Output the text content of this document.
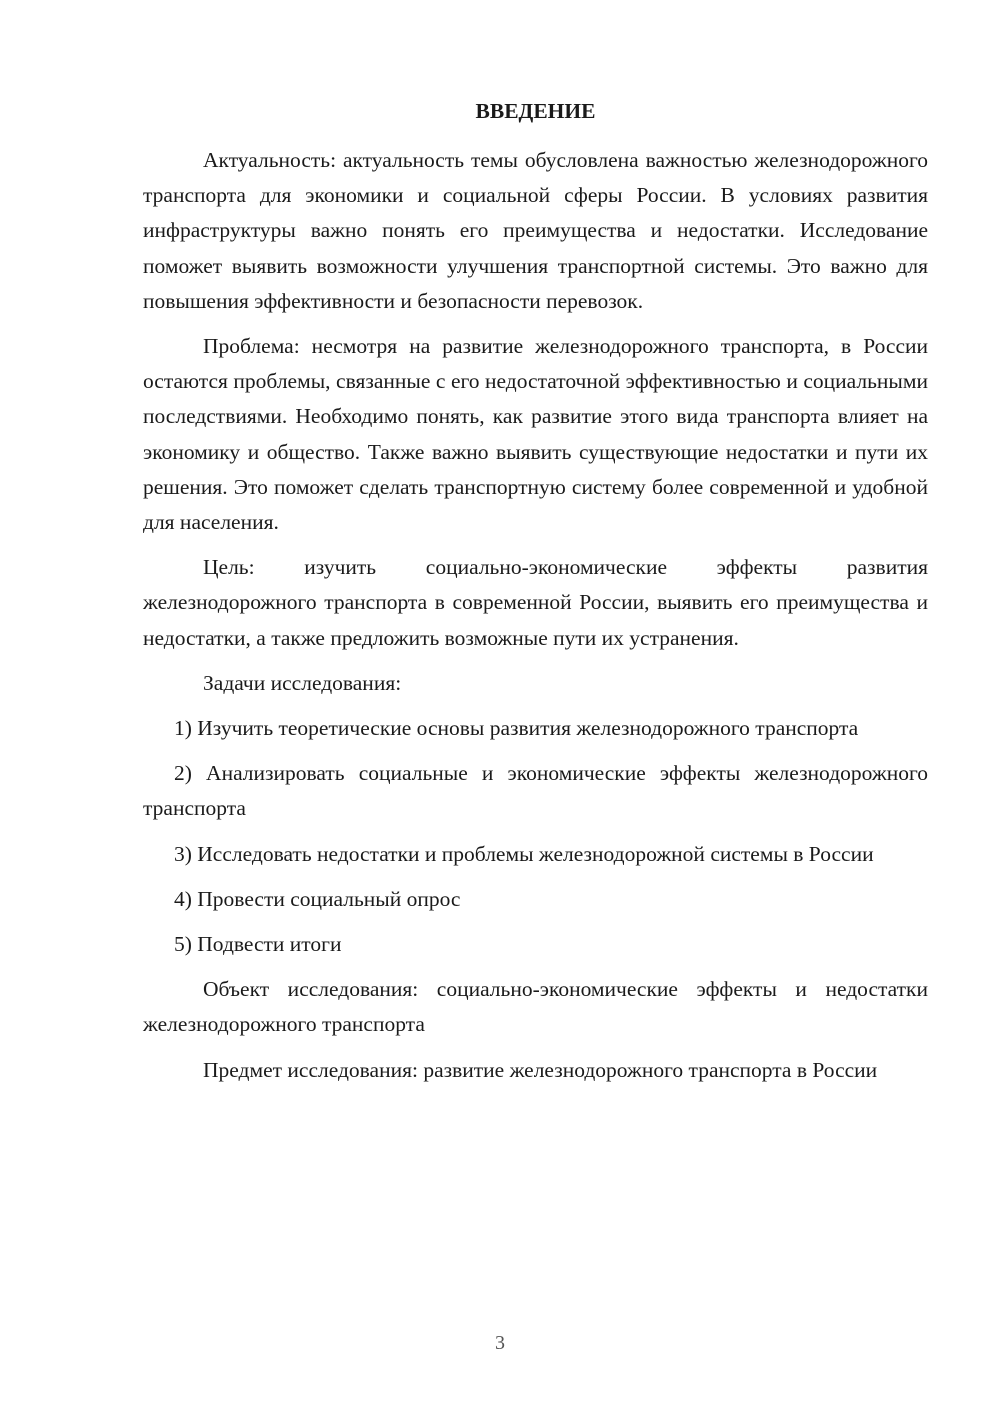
ВВЕДЕНИЕ

Актуальность: актуальность темы обусловлена важностью железнодорожного транспорта для экономики и социальной сферы России. В условиях развития инфраструктуры важно понять его преимущества и недостатки. Исследование поможет выявить возможности улучшения транспортной системы. Это важно для повышения эффективности и безопасности перевозок.

Проблема: несмотря на развитие железнодорожного транспорта, в России остаются проблемы, связанные с его недостаточной эффективностью и социальными последствиями. Необходимо понять, как развитие этого вида транспорта влияет на экономику и общество. Также важно выявить существующие недостатки и пути их решения. Это поможет сделать транспортную систему более современной и удобной для населения.

Цель: изучить социально-экономические эффекты развития железнодорожного транспорта в современной России, выявить его преимущества и недостатки, а также предложить возможные пути их устранения.

Задачи исследования:

1) Изучить теоретические основы развития железнодорожного транспорта

2) Анализировать социальные и экономические эффекты железнодорожного транспорта

3) Исследовать недостатки и проблемы железнодорожной системы в России

4) Провести социальный опрос

5) Подвести итоги

Объект исследования: социально-экономические эффекты и недостатки железнодорожного транспорта

Предмет исследования: развитие железнодорожного транспорта в России

3
